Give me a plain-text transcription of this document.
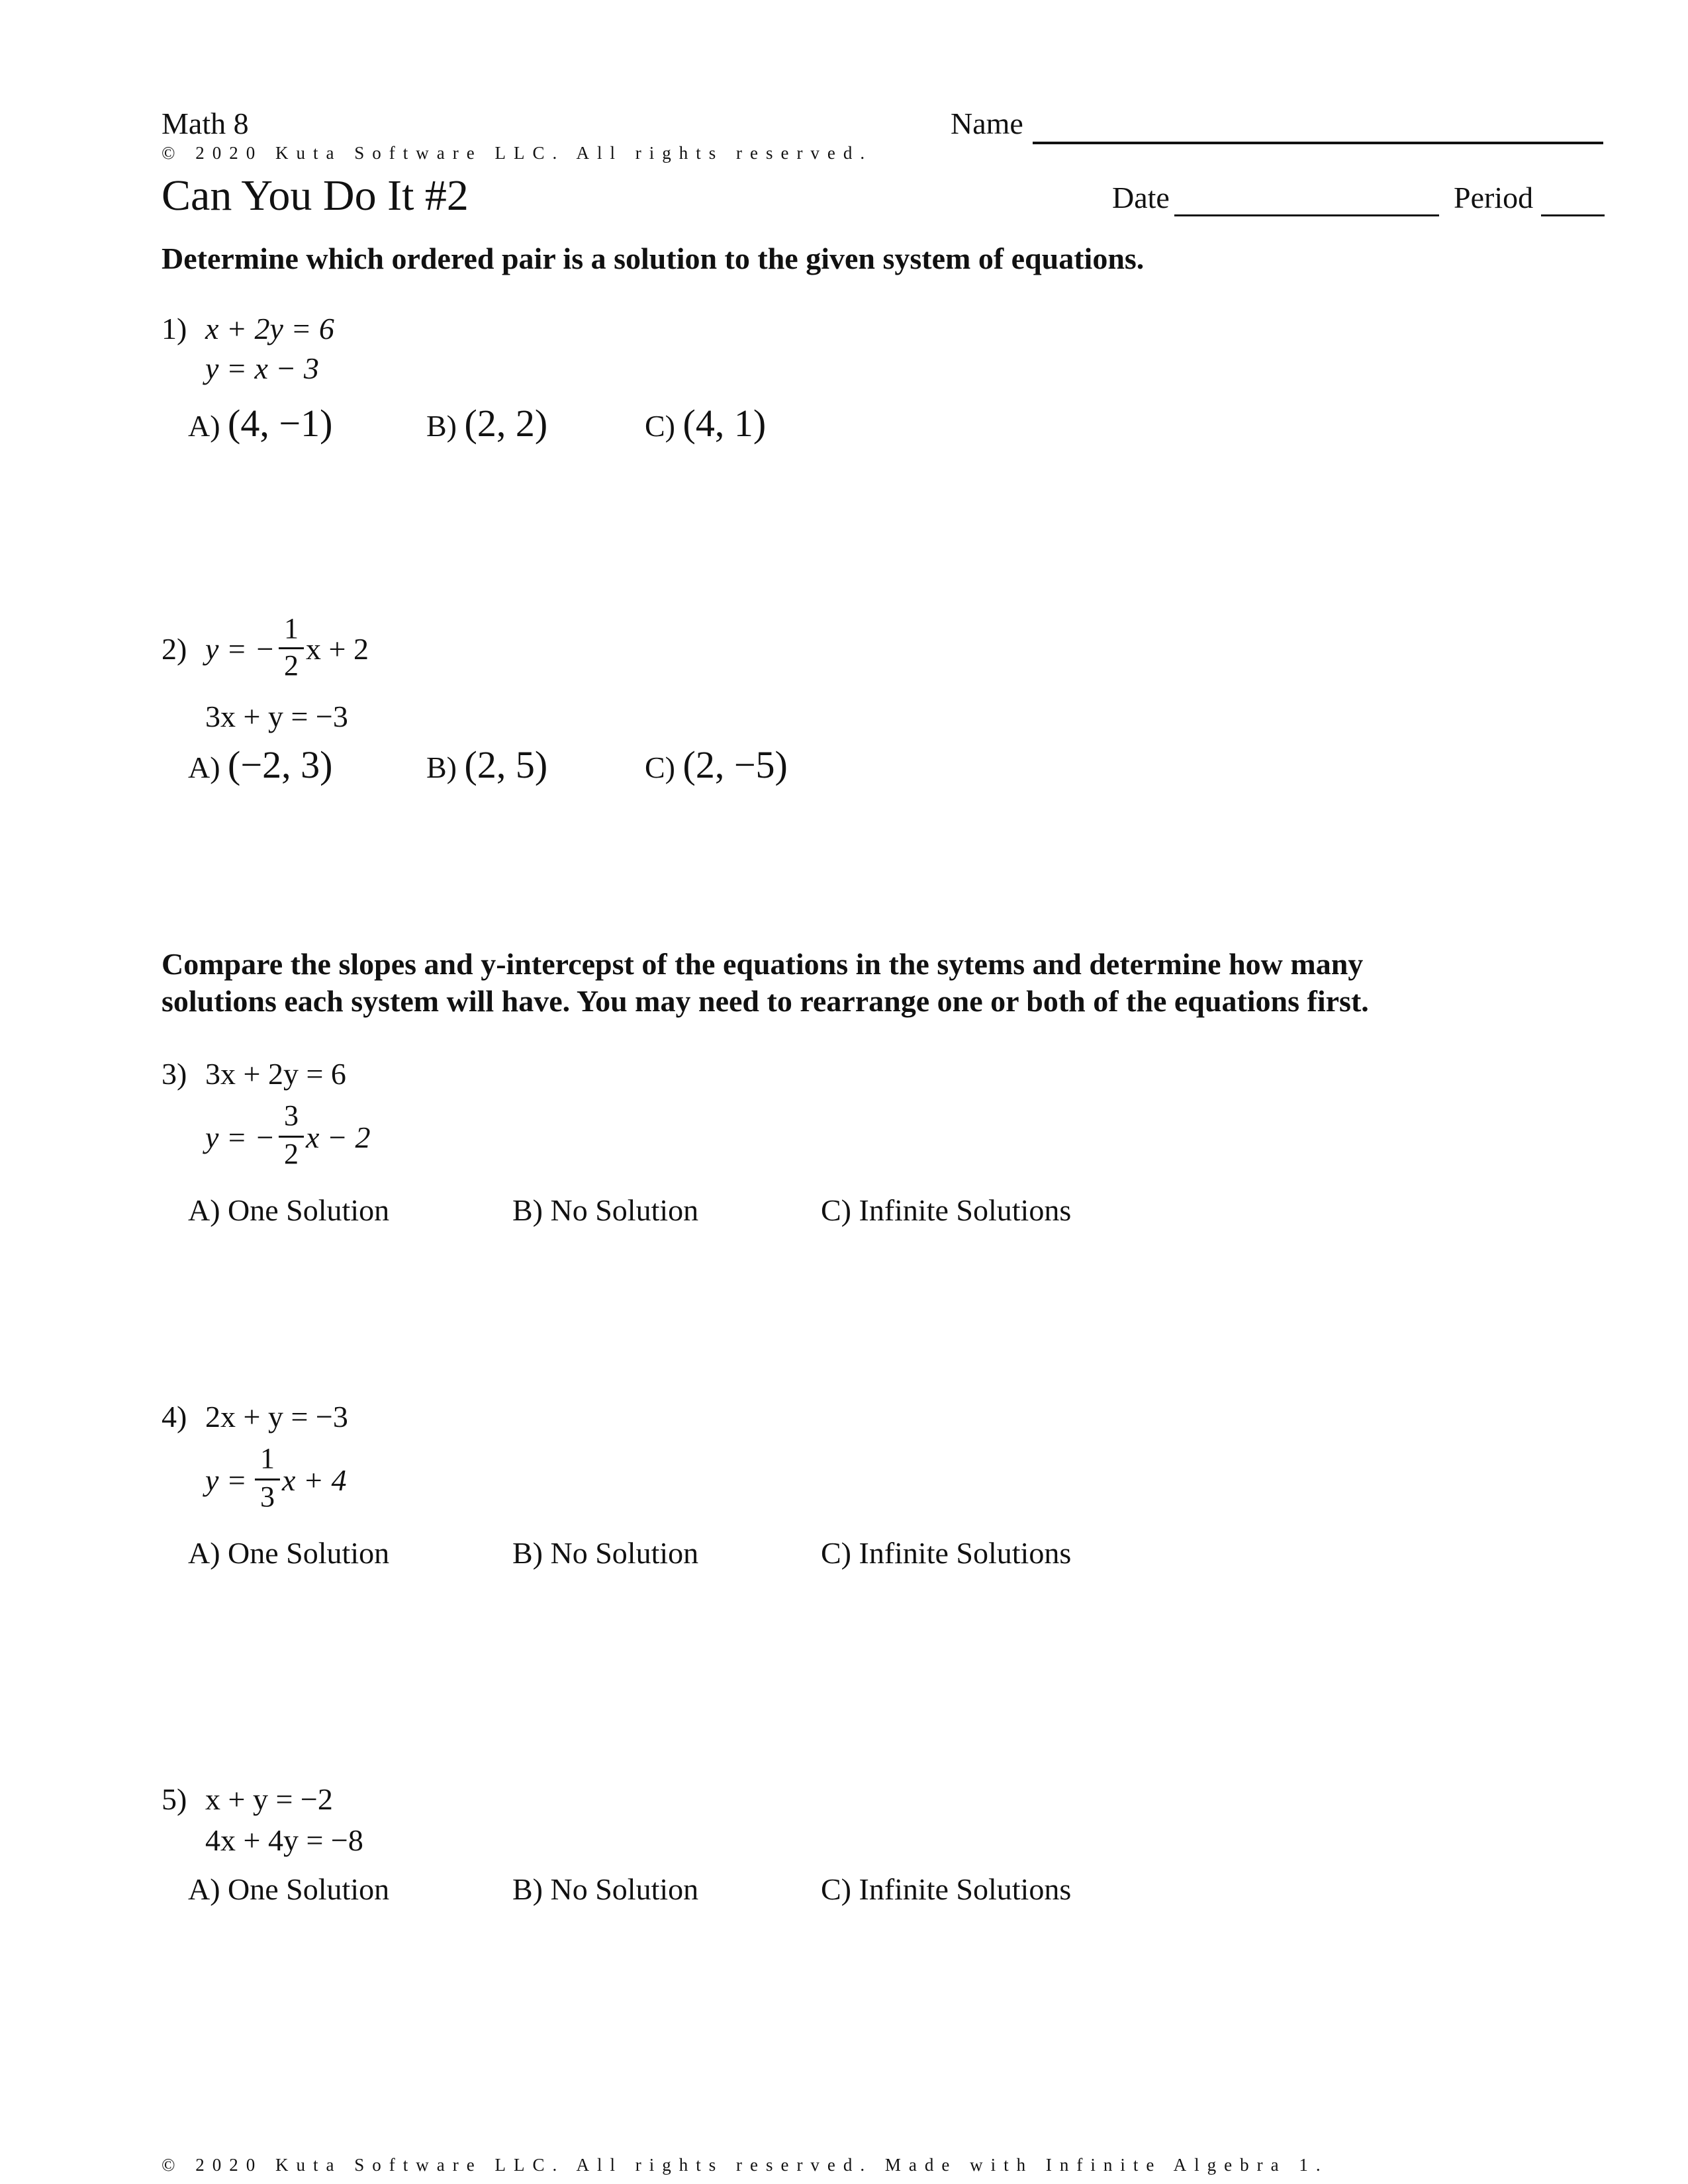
Math 8	Name
© 2020 Kuta Software LLC. All rights reserved.
Can You Do It #2	Date	Period
Determine which ordered pair is a solution to the given system of equations.
1) x + 2y = 6
y = x − 3
A) (4, −1)	B) (2, 2)	C) (4, 1)
2) y = −
1
2 x + 2
3x + y = −3
A) (−2, 3)	B) (2, 5)	C) (2, −5)
Compare the slopes and y-intercepst of the equations in the sytems and determine how many
solutions each system will have. You may need to rearrange one or both of the equations first.
3) 3x + 2y = 6
y = −
3
2 x − 2
A) One Solution	B) No Solution	C) Infinite Solutions
4) 2x + y = −3
y =
1
3 x + 4
A) One Solution	B) No Solution	C) Infinite Solutions
5) x + y = −2
4x + 4y = −8
A) One Solution	B) No Solution	C) Infinite Solutions
© 2020 Kuta Software LLC. All rights reserved. Made with Infinite Algebra 1.
